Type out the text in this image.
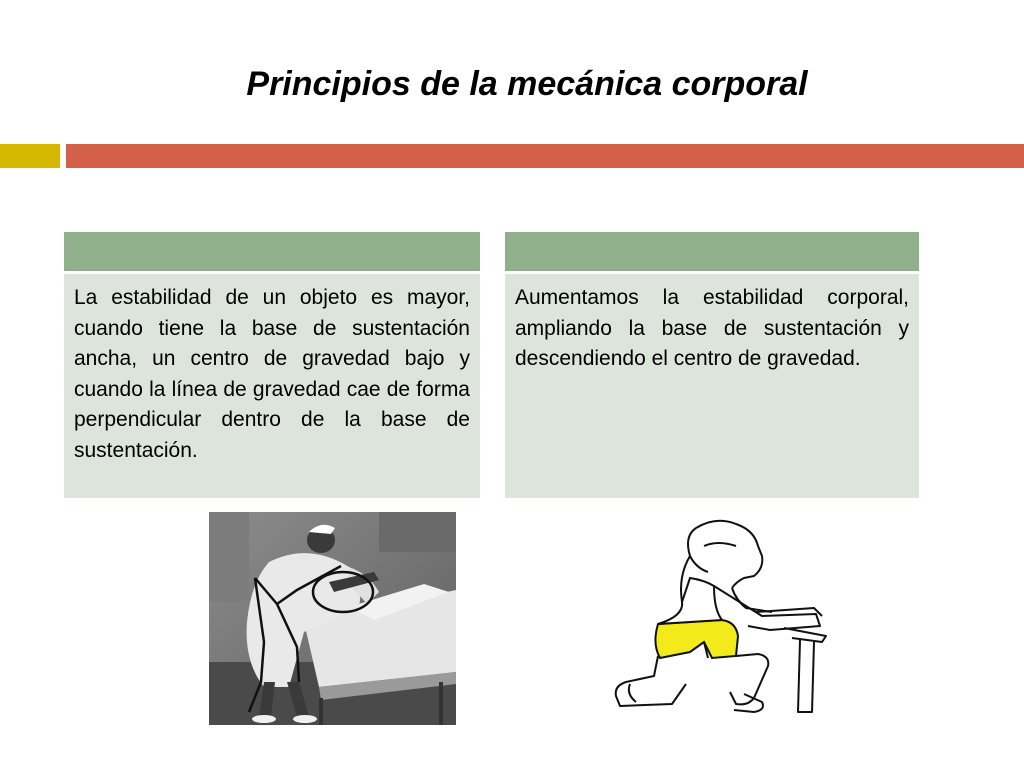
Principios de la mecánica corporal
La estabilidad de un objeto es mayor, cuando tiene la base de sustentación ancha, un centro de gravedad bajo y cuando la línea de gravedad cae de forma perpendicular dentro de la base de sustentación.
Aumentamos la estabilidad corporal, ampliando la base de sustentación y descendiendo el centro de gravedad.
